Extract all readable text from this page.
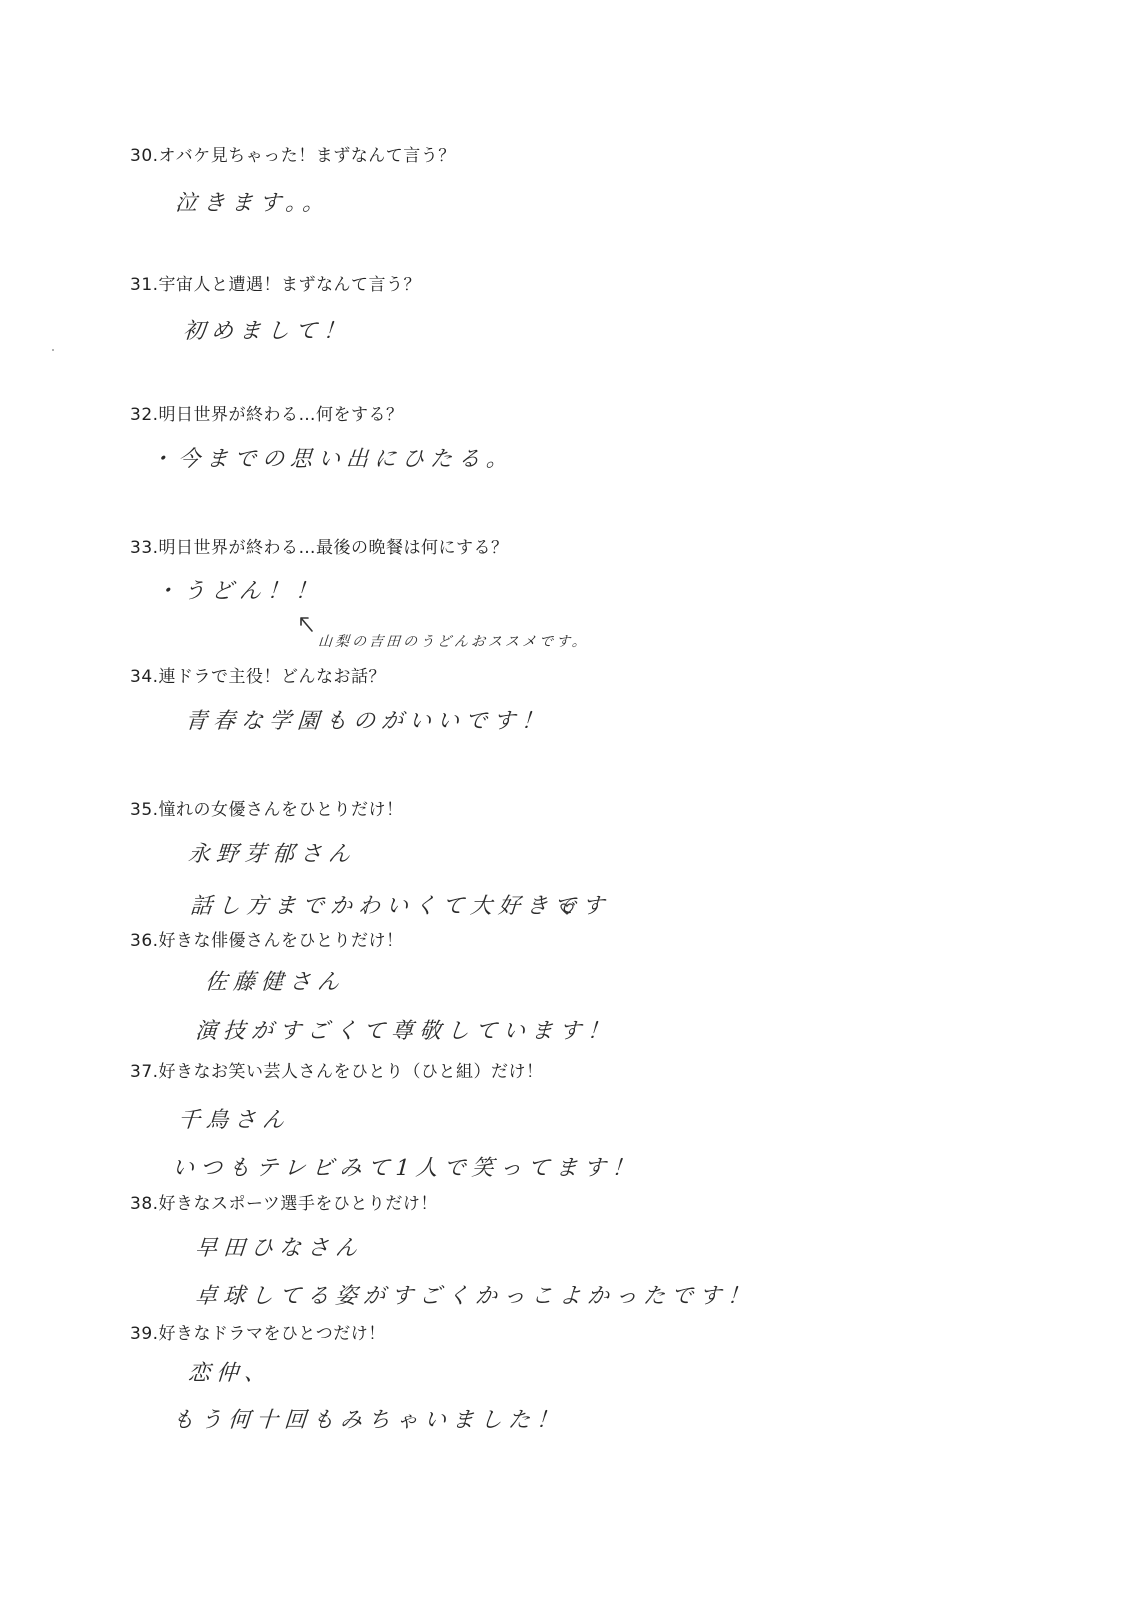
30.オバケ見ちゃった！まずなんて言う？
泣きます。。
31.宇宙人と遭遇！まずなんて言う？
初めまして！
32.明日世界が終わる…何をする？
・今までの思い出にひたる。
33.明日世界が終わる…最後の晩餐は何にする？
・うどん！！
山梨の吉田のうどんおススメです。
34.連ドラで主役！どんなお話？
青春な学園ものがいいです！
35.憧れの女優さんをひとりだけ！
永野芽郁さん
話し方までかわいくて大好きです
36.好きな俳優さんをひとりだけ！
佐藤健さん
演技がすごくて尊敬しています！
37.好きなお笑い芸人さんをひとり（ひと組）だけ！
千鳥さん
いつもテレビみて1人で笑ってます！
38.好きなスポーツ選手をひとりだけ！
早田ひなさん
卓球してる姿がすごくかっこよかったです！
39.好きなドラマをひとつだけ！
恋仲、
もう何十回もみちゃいました！
